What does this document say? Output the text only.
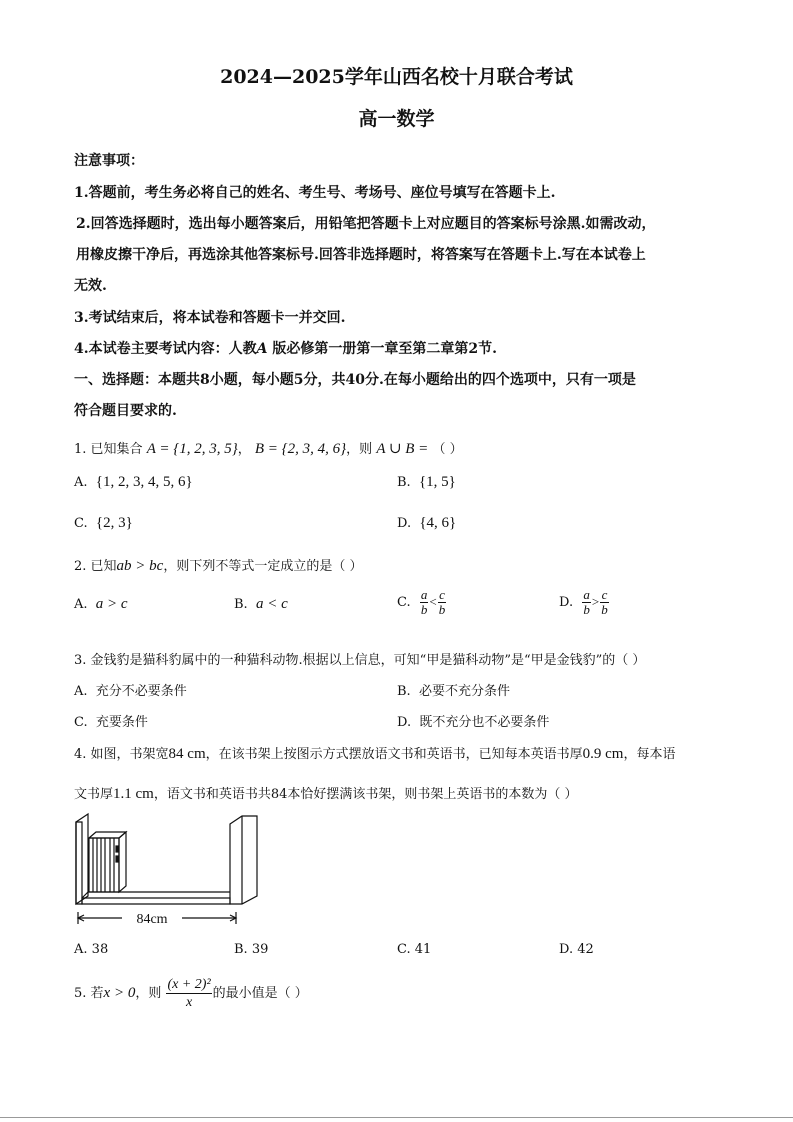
2024—2025学年山西名校十月联合考试
高一数学
注意事项：
1.答题前，考生务必将自己的姓名、考生号、考场号、座位号填写在答题卡上.
2.回答选择题时，选出每小题答案后，用铅笔把答题卡上对应题目的答案标号涂黑.如需改动，
用橡皮擦干净后，再选涂其他答案标号.回答非选择题时，将答案写在答题卡上.写在本试卷上
无效.
3.考试结束后，将本试卷和答题卡一并交回.
4.本试卷主要考试内容：人教A 版必修第一册第一章至第二章第2节.
一、选择题：本题共8小题，每小题5分，共40分.在每小题给出的四个选项中，只有一项是
符合题目要求的.
1. 已知集合 A = {1, 2, 3, 5}， B = {2, 3, 4, 6}，则 A ∪ B = （ ）
A. {1, 2, 3, 4, 5, 6}	B. {1, 5}
C. {2, 3}	D. {4, 6}
2. 已知ab > bc，则下列不等式一定成立的是（ ）
A. a > c	B. a < c	C. $\frac{a}{b} < \frac{c}{b}$	D. $\frac{a}{b} > \frac{c}{b}$
3. 金钱豹是猫科豹属中的一种猫科动物.根据以上信息，可知“甲是猫科动物”是“甲是金钱豹”的（ ）
A. 充分不必要条件	B. 必要不充分条件
C. 充要条件	D. 既不充分也不必要条件
4. 如图，书架宽84 cm，在该书架上按图示方式摆放语文书和英语书，已知每本英语书厚0.9 cm，每本语
文书厚1.1 cm，语文书和英语书共84本恰好摆满该书架，则书架上英语书的本数为（ ）
84cm
A. 38	B. 39	C. 41	D. 42
5. 若x > 0，则 $\frac{\text{(x + 2)²}}{x}$ 的最小值是（ ）
